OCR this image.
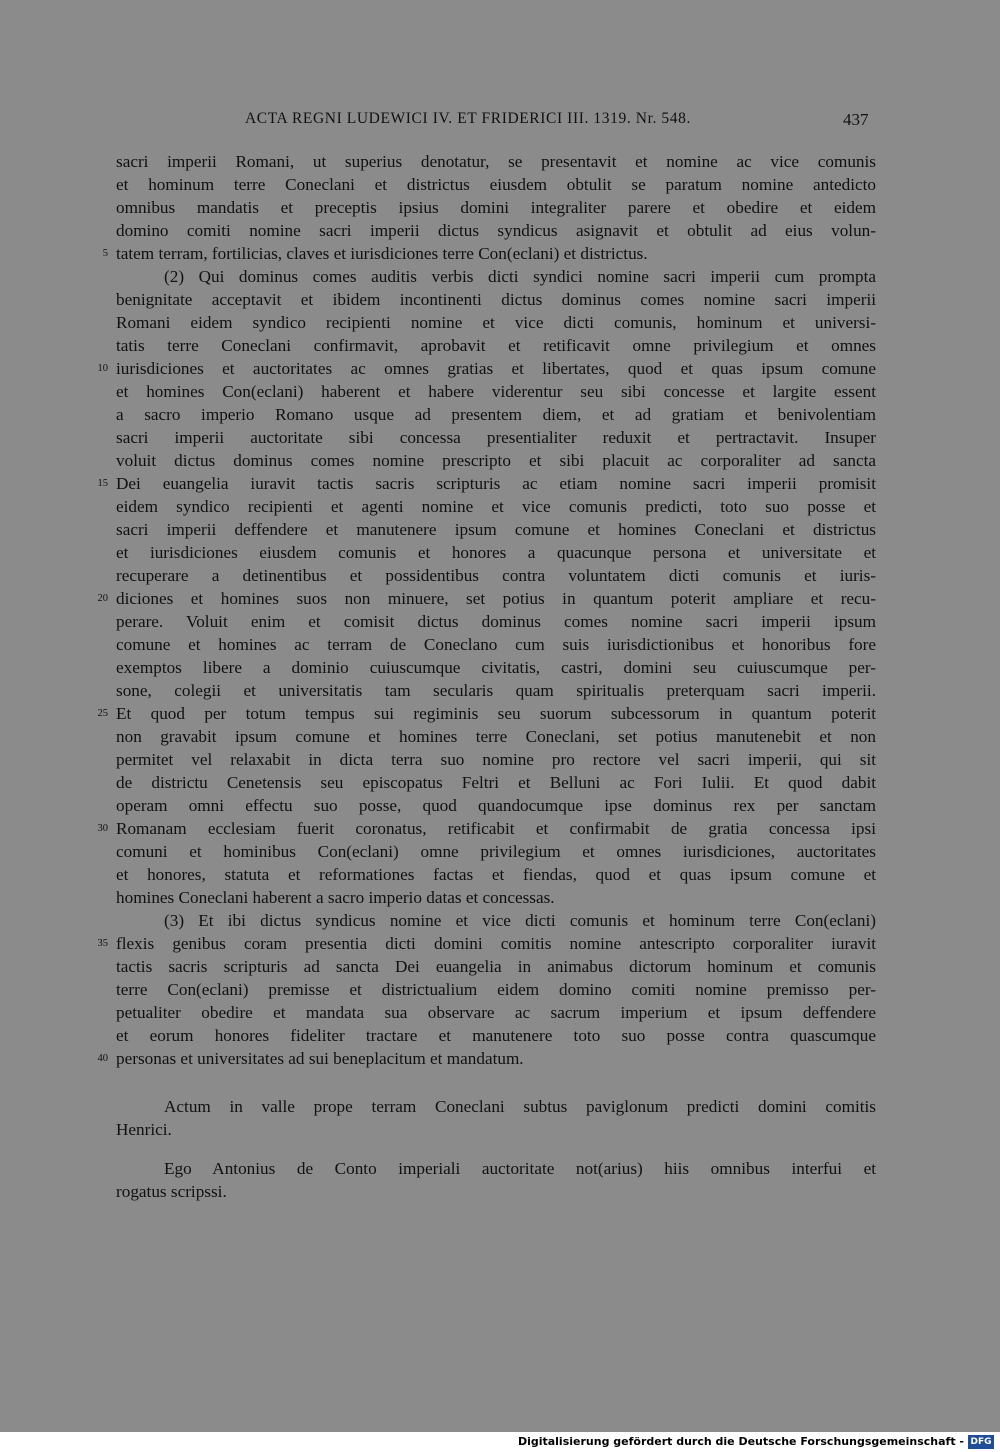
ACTA REGNI LUDEWICI IV. ET FRIDERICI III. 1319. Nr. 548.	437
sacri imperii Romani, ut superius denotatur, se presentavit et nomine ac vice comunis
et hominum terre Coneclani et districtus eiusdem obtulit se paratum nomine antedicto
omnibus mandatis et preceptis ipsius domini integraliter parere et obedire et eidem
domino comiti nomine sacri imperii dictus syndicus asignavit et obtulit ad eius volun-
5 tatem terram, fortilicias, claves et iurisdiciones terre Con(eclani) et districtus.
(2) Qui dominus comes auditis verbis dicti syndici nomine sacri imperii cum prompta
benignitate acceptavit et ibidem incontinenti dictus dominus comes nomine sacri imperii
Romani eidem syndico recipienti nomine et vice dicti comunis, hominum et universi-
tatis terre Coneclani confirmavit, aprobavit et retificavit omne privilegium et omnes
10 iurisdiciones et auctoritates ac omnes gratias et libertates, quod et quas ipsum comune
et homines Con(eclani) haberent et habere viderentur seu sibi concesse et largite essent
a sacro imperio Romano usque ad presentem diem, et ad gratiam et benivolentiam
sacri imperii auctoritate sibi concessa presentialiter reduxit et pertractavit. Insuper
voluit dictus dominus comes nomine prescripto et sibi placuit ac corporaliter ad sancta
15 Dei euangelia iuravit tactis sacris scripturis ac etiam nomine sacri imperii promisit
eidem syndico recipienti et agenti nomine et vice comunis predicti, toto suo posse et
sacri imperii deffendere et manutenere ipsum comune et homines Coneclani et districtus
et iurisdiciones eiusdem comunis et honores a quacunque persona et universitate et
recuperare a detinentibus et possidentibus contra voluntatem dicti comunis et iuris-
20 diciones et homines suos non minuere, set potius in quantum poterit ampliare et recu-
perare. Voluit enim et comisit dictus dominus comes nomine sacri imperii ipsum
comune et homines ac terram de Coneclano cum suis iurisdictionibus et honoribus fore
exemptos libere a dominio cuiuscumque civitatis, castri, domini seu cuiuscumque per-
sone, colegii et universitatis tam secularis quam spiritualis preterquam sacri imperii.
25 Et quod per totum tempus sui regiminis seu suorum subcessorum in quantum poterit
non gravabit ipsum comune et homines terre Coneclani, set potius manutenebit et non
permitet vel relaxabit in dicta terra suo nomine pro rectore vel sacri imperii, qui sit
de districtu Cenetensis seu episcopatus Feltri et Belluni ac Fori Iulii. Et quod dabit
operam omni effectu suo posse, quod quandocumque ipse dominus rex per sanctam
30 Romanam ecclesiam fuerit coronatus, retificabit et confirmabit de gratia concessa ipsi
comuni et hominibus Con(eclani) omne privilegium et omnes iurisdiciones, auctoritates
et honores, statuta et reformationes factas et fiendas, quod et quas ipsum comune et
homines Coneclani haberent a sacro imperio datas et concessas.
(3) Et ibi dictus syndicus nomine et vice dicti comunis et hominum terre Con(eclani)
35 flexis genibus coram presentia dicti domini comitis nomine antescripto corporaliter iuravit
tactis sacris scripturis ad sancta Dei euangelia in animabus dictorum hominum et comunis
terre Con(eclani) premisse et districtualium eidem domino comiti nomine premisso per-
petualiter obedire et mandata sua observare ac sacrum imperium et ipsum deffendere
et eorum honores fideliter tractare et manutenere toto suo posse contra quascumque
40 personas et universitates ad sui beneplacitum et mandatum.
Actum in valle prope terram Coneclani subtus paviglonum predicti domini comitis
Henrici.
Ego Antonius de Conto imperiali auctoritate not(arius) hiis omnibus interfui et
rogatus scripssi.
Digitalisierung gefördert durch die Deutsche Forschungsgemeinschaft - DFG
